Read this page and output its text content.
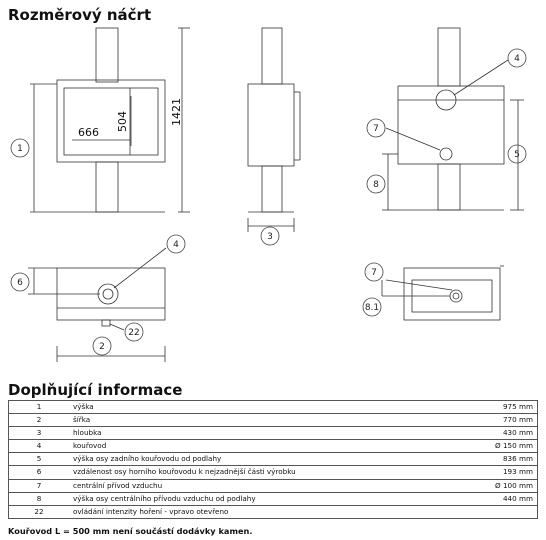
Rozměrový náčrt
666
504	1421
1
3
4
5
7
8
4
6
22
2
7
8.1
Doplňující informace
1	výška	975 mm
2	šířka	770 mm
3	hloubka	430 mm
4	kouřovod	Ø 150 mm
5	výška osy zadního kouřovodu od podlahy	836 mm
6	vzdálenost osy horního kouřovodu k nejzadnější části výrobku	193 mm
7	centrální přívod vzduchu	Ø 100 mm
8	výška osy centrálního přívodu vzduchu od podlahy	440 mm
22	ovládání intenzity hoření - vpravo otevřeno	
Kouřovod L = 500 mm není součástí dodávky kamen.
